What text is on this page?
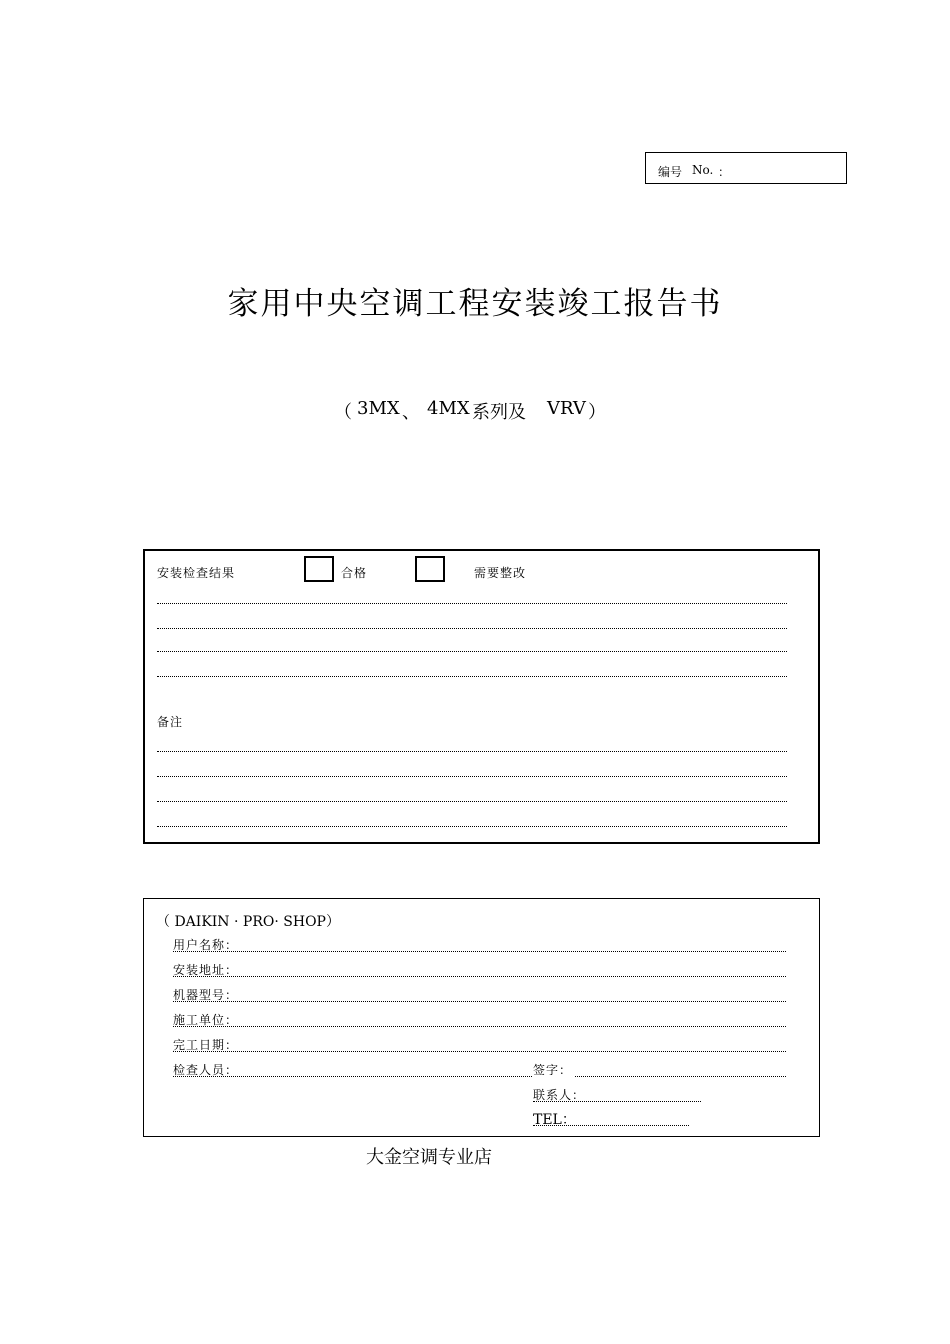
编号 No. ：
家用中央空调工程安装竣工报告书
（ 3MX 、 4MX 系列及 VRV ）
安装检查结果	合格	需要整改
备注
（ DAIKIN · PRO· SHOP）
用户名称：
安装地址：
机器型号：
施工单位：
完工日期：
检查人员：	签字：
联系人：
TEL：
大金空调专业店
